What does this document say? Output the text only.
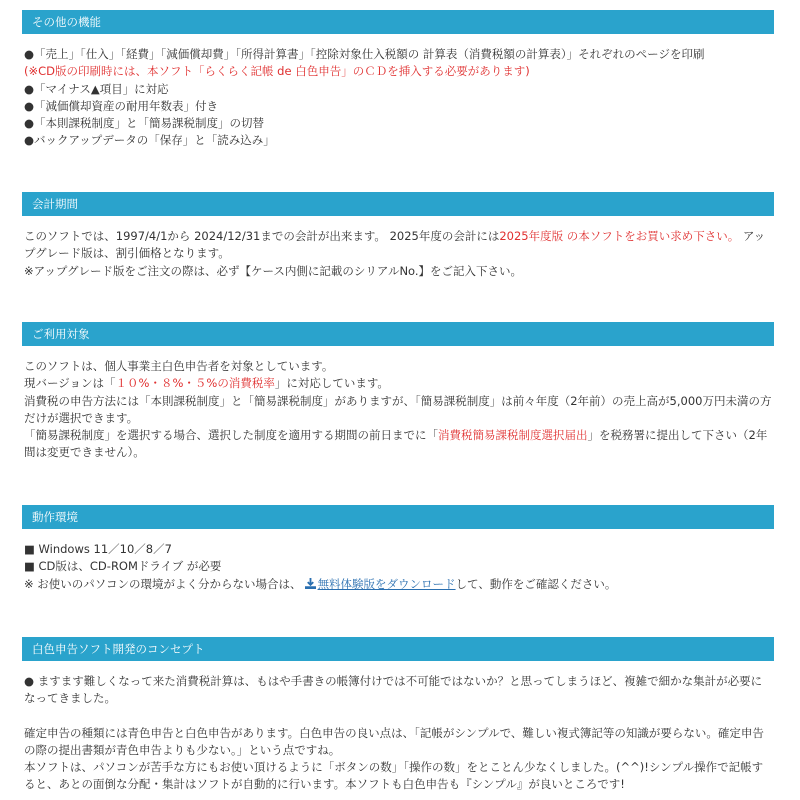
その他の機能
●「売上」「仕入」「経費」「減価償却費」「所得計算書」「控除対象仕入税額の 計算表（消費税額の計算表）」それぞれのページを印刷
(※CD版の印刷時には、本ソフト「らくらく記帳 de 白色申告」のＣＤを挿入する必要があります)
●「マイナス▲項目」に対応
●「減価償却資産の耐用年数表」付き
●「本則課税制度」と「簡易課税制度」の切替
●バックアップデータの「保存」と「読み込み」
会計期間
このソフトでは、1997/4/1から 2024/12/31までの会計が出来ます。 2025年度の会計には2025年度版 の本ソフトをお買い求め下さい。 アップグレード版は、割引価格となります。
※アップグレード版をご注文の際は、必ず【ケース内側に記載のシリアルNo.】をご記入下さい。
ご利用対象
このソフトは、個人事業主白色申告者を対象としています。
現バージョンは「１０%・８%・５%の消費税率」に対応しています。
消費税の申告方法には「本則課税制度」と「簡易課税制度」がありますが、「簡易課税制度」は前々年度（2年前）の売上高が5,000万円未満の方だけが選択できます。
「簡易課税制度」を選択する場合、選択した制度を適用する期間の前日までに「消費税簡易課税制度選択届出」を税務署に提出して下さい（2年間は変更できません）。
動作環境
■ Windows 11／10／8／7
■ CD版は、CD-ROMドライブ が必要
※ お使いのパソコンの環境がよく分からない場合は、 無料体験版をダウンロードして、動作をご確認ください。
白色申告ソフト開発のコンセプト
● ますます難しくなって来た消費税計算は、もはや手書きの帳簿付けでは不可能ではないか？と思ってしまうほど、複雑で細かな集計が必要になってきました。
確定申告の種類には青色申告と白色申告があります。白色申告の良い点は、「記帳がシンプルで、難しい複式簿記等の知識が要らない。確定申告の際の提出書類が青色申告よりも少ない。」という点ですね。
本ソフトは、パソコンが苦手な方にもお使い頂けるように「ボタンの数」「操作の数」をとことん少なくしました。(^^)!シンプル操作で記帳すると、あとの面倒な分配・集計はソフトが自動的に行います。本ソフトも白色申告も『シンプル』が良いところです!
